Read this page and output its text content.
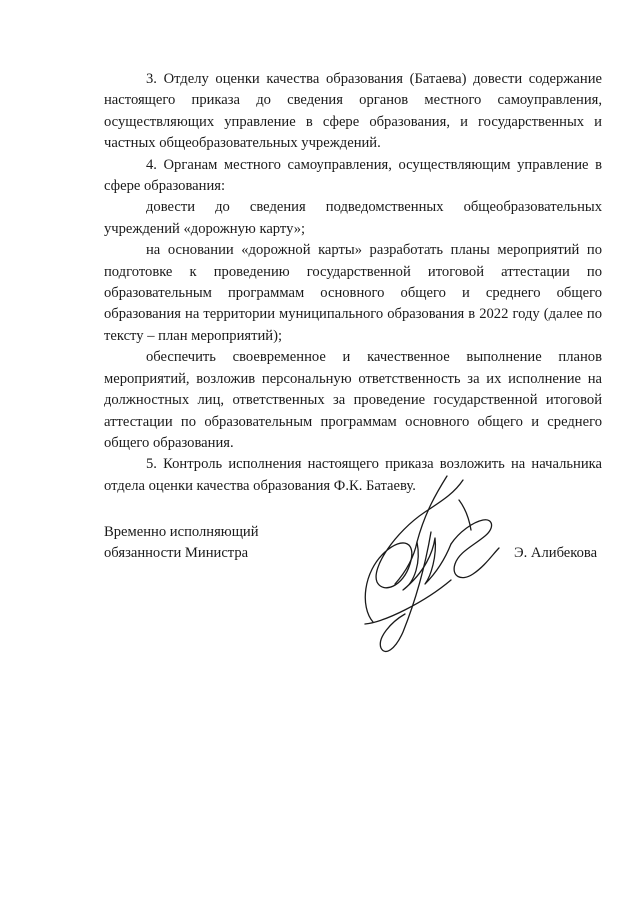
3. Отделу оценки качества образования (Батаева) довести содержание настоящего приказа до сведения органов местного самоуправления, осуществляющих управление в сфере образования, и государственных и частных общеобразовательных учреждений.

4. Органам местного самоуправления, осуществляющим управление в сфере образования:

довести до сведения подведомственных общеобразовательных учреждений «дорожную карту»;

на основании «дорожной карты» разработать планы мероприятий по подготовке к проведению государственной итоговой аттестации по образовательным программам основного общего и среднего общего образования на территории муниципального образования в 2022 году (далее по тексту – план мероприятий);

обеспечить своевременное и качественное выполнение планов мероприятий, возложив персональную ответственность за их исполнение на должностных лиц, ответственных за проведение государственной итоговой аттестации по образовательным программам основного общего и среднего общего образования.

5. Контроль исполнения настоящего приказа возложить на начальника отдела оценки качества образования Ф.К. Батаеву.

Временно исполняющий
обязанности Министра	Э. Алибекова
